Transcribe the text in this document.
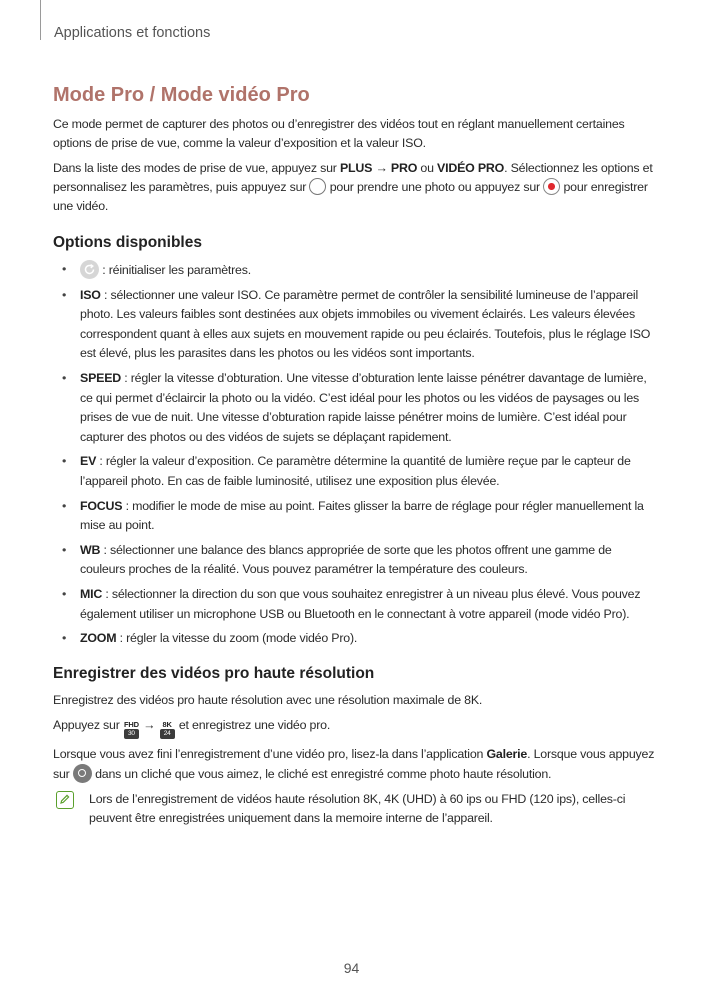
Applications et fonctions
Mode Pro / Mode vidéo Pro

Ce mode permet de capturer des photos ou d’enregistrer des vidéos tout en réglant manuellement certaines options de prise de vue, comme la valeur d’exposition et la valeur ISO.

Dans la liste des modes de prise de vue, appuyez sur PLUS → PRO ou VIDÉO PRO. Sélectionnez les options et personnalisez les paramètres, puis appuyez sur  pour prendre une photo ou appuyez sur  pour enregistrer une vidéo.

Options disponibles
•	: réinitialiser les paramètres.
• ISO : sélectionner une valeur ISO. Ce paramètre permet de contrôler la sensibilité lumineuse de l’appareil photo. Les valeurs faibles sont destinées aux objets immobiles ou vivement éclairés. Les valeurs élevées correspondent quant à elles aux sujets en mouvement rapide ou peu éclairés. Toutefois, plus le réglage ISO est élevé, plus les parasites dans les photos ou les vidéos sont importants.
• SPEED : régler la vitesse d’obturation. Une vitesse d’obturation lente laisse pénétrer davantage de lumière, ce qui permet d’éclaircir la photo ou la vidéo. C’est idéal pour les photos ou les vidéos de paysages ou les prises de vue de nuit. Une vitesse d’obturation rapide laisse pénétrer moins de lumière. C’est idéal pour capturer des photos ou des vidéos de sujets se déplaçant rapidement.
• EV : régler la valeur d’exposition. Ce paramètre détermine la quantité de lumière reçue par le capteur de l’appareil photo. En cas de faible luminosité, utilisez une exposition plus élevée.
• FOCUS : modifier le mode de mise au point. Faites glisser la barre de réglage pour régler manuellement la mise au point.
• WB : sélectionner une balance des blancs appropriée de sorte que les photos offrent une gamme de couleurs proches de la réalité. Vous pouvez paramétrer la température des couleurs.
• MIC : sélectionner la direction du son que vous souhaitez enregistrer à un niveau plus élevé. Vous pouvez également utiliser un microphone USB ou Bluetooth en le connectant à votre appareil (mode vidéo Pro).
• ZOOM : régler la vitesse du zoom (mode vidéo Pro).
Enregistrer des vidéos pro haute résolution

Enregistrez des vidéos pro haute résolution avec une résolution maximale de 8K.

Appuyez sur FHD
30
→ 8K
24
et enregistrez une vidéo pro.

Lorsque vous avez fini l’enregistrement d’une vidéo pro, lisez-la dans l’application Galerie. Lorsque vous appuyez sur  dans un cliché que vous aimez, le cliché est enregistré comme photo haute résolution.

Lors de l’enregistrement de vidéos haute résolution 8K, 4K (UHD) à 60 ips ou FHD (120 ips), celles-ci peuvent être enregistrées uniquement dans la memoire interne de l’appareil.

94
